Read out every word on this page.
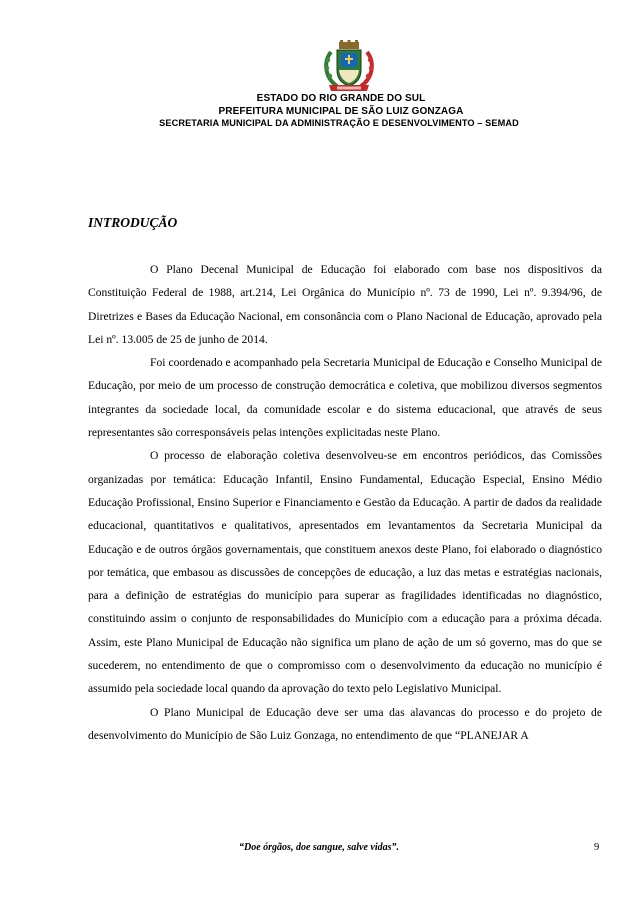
ESTADO DO RIO GRANDE DO SUL
PREFEITURA MUNICIPAL DE SÃO LUIZ GONZAGA
SECRETARIA MUNICIPAL DA ADMINISTRAÇÃO E DESENVOLVIMENTO – SEMAD
INTRODUÇÃO

O Plano Decenal Municipal de Educação foi elaborado com base nos dispositivos da Constituição Federal de 1988, art.214, Lei Orgânica do Município nº. 73 de 1990, Lei nº. 9.394/96, de Diretrizes e Bases da Educação Nacional, em consonância com o Plano Nacional de Educação, aprovado pela Lei nº. 13.005 de 25 de junho de 2014.

Foi coordenado e acompanhado pela Secretaria Municipal de Educação e Conselho Municipal de Educação, por meio de um processo de construção democrática e coletiva, que mobilizou diversos segmentos integrantes da sociedade local, da comunidade escolar e do sistema educacional, que através de seus representantes são corresponsáveis pelas intenções explicitadas neste Plano.

O processo de elaboração coletiva desenvolveu-se em encontros periódicos, das Comissões organizadas por temática: Educação Infantil, Ensino Fundamental, Educação Especial, Ensino Médio Educação Profissional, Ensino Superior e Financiamento e Gestão da Educação. A partir de dados da realidade educacional, quantitativos e qualitativos, apresentados em levantamentos da Secretaria Municipal da Educação e de outros órgãos governamentais, que constituem anexos deste Plano, foi elaborado o diagnóstico por temática, que embasou as discussões de concepções de educação, a luz das metas e estratégias nacionais, para a definição de estratégias do município para superar as fragilidades identificadas no diagnóstico, constituindo assim o conjunto de responsabilidades do Município com a educação para a próxima década. Assim, este Plano Municipal de Educação não significa um plano de ação de um só governo, mas do que se sucederem, no entendimento de que o compromisso com o desenvolvimento da educação no município é assumido pela sociedade local quando da aprovação do texto pelo Legislativo Municipal.

O Plano Municipal de Educação deve ser uma das alavancas do processo e do projeto de desenvolvimento do Município de São Luiz Gonzaga, no entendimento de que “PLANEJAR A

“Doe órgãos, doe sangue, salve vidas”.	9
